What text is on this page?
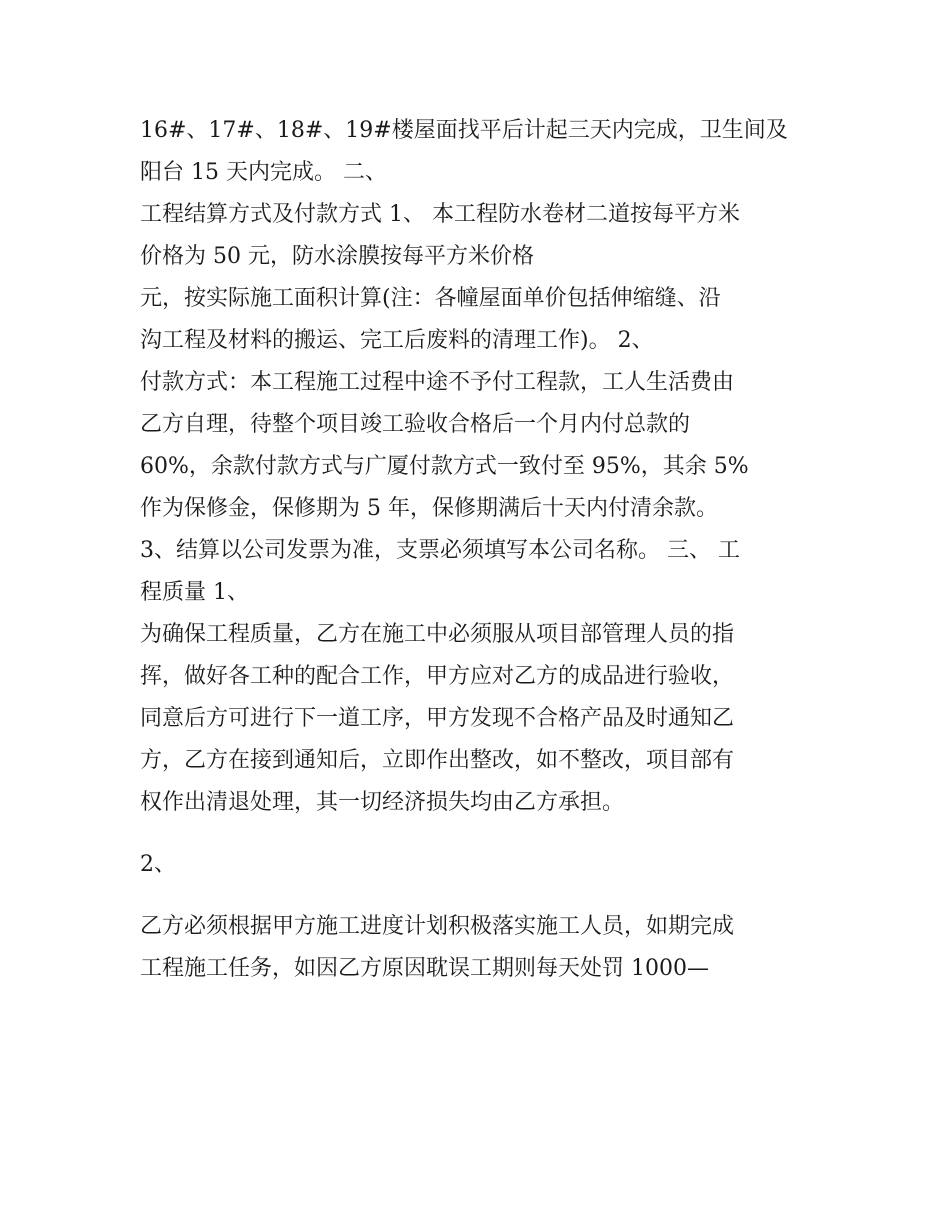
16#、17#、18#、19#楼屋面找平后计起三天内完成，卫生间及
阳台 15 天内完成。 二、
工程结算方式及付款方式 1、 本工程防水卷材二道按每平方米
价格为 50 元，防水涂膜按每平方米价格
元，按实际施工面积计算(注：各幢屋面单价包括伸缩缝、沿
沟工程及材料的搬运、完工后废料的清理工作)。 2、
付款方式：本工程施工过程中途不予付工程款，工人生活费由
乙方自理，待整个项目竣工验收合格后一个月内付总款的
60%，余款付款方式与广厦付款方式一致付至 95%，其余 5%
作为保修金，保修期为 5 年，保修期满后十天内付清余款。
3、结算以公司发票为准，支票必须填写本公司名称。 三、 工
程质量 1、
为确保工程质量，乙方在施工中必须服从项目部管理人员的指
挥，做好各工种的配合工作，甲方应对乙方的成品进行验收，
同意后方可进行下一道工序，甲方发现不合格产品及时通知乙
方，乙方在接到通知后，立即作出整改，如不整改，项目部有
权作出清退处理，其一切经济损失均由乙方承担。
2、
乙方必须根据甲方施工进度计划积极落实施工人员，如期完成
工程施工任务，如因乙方原因耽误工期则每天处罚 1000—
